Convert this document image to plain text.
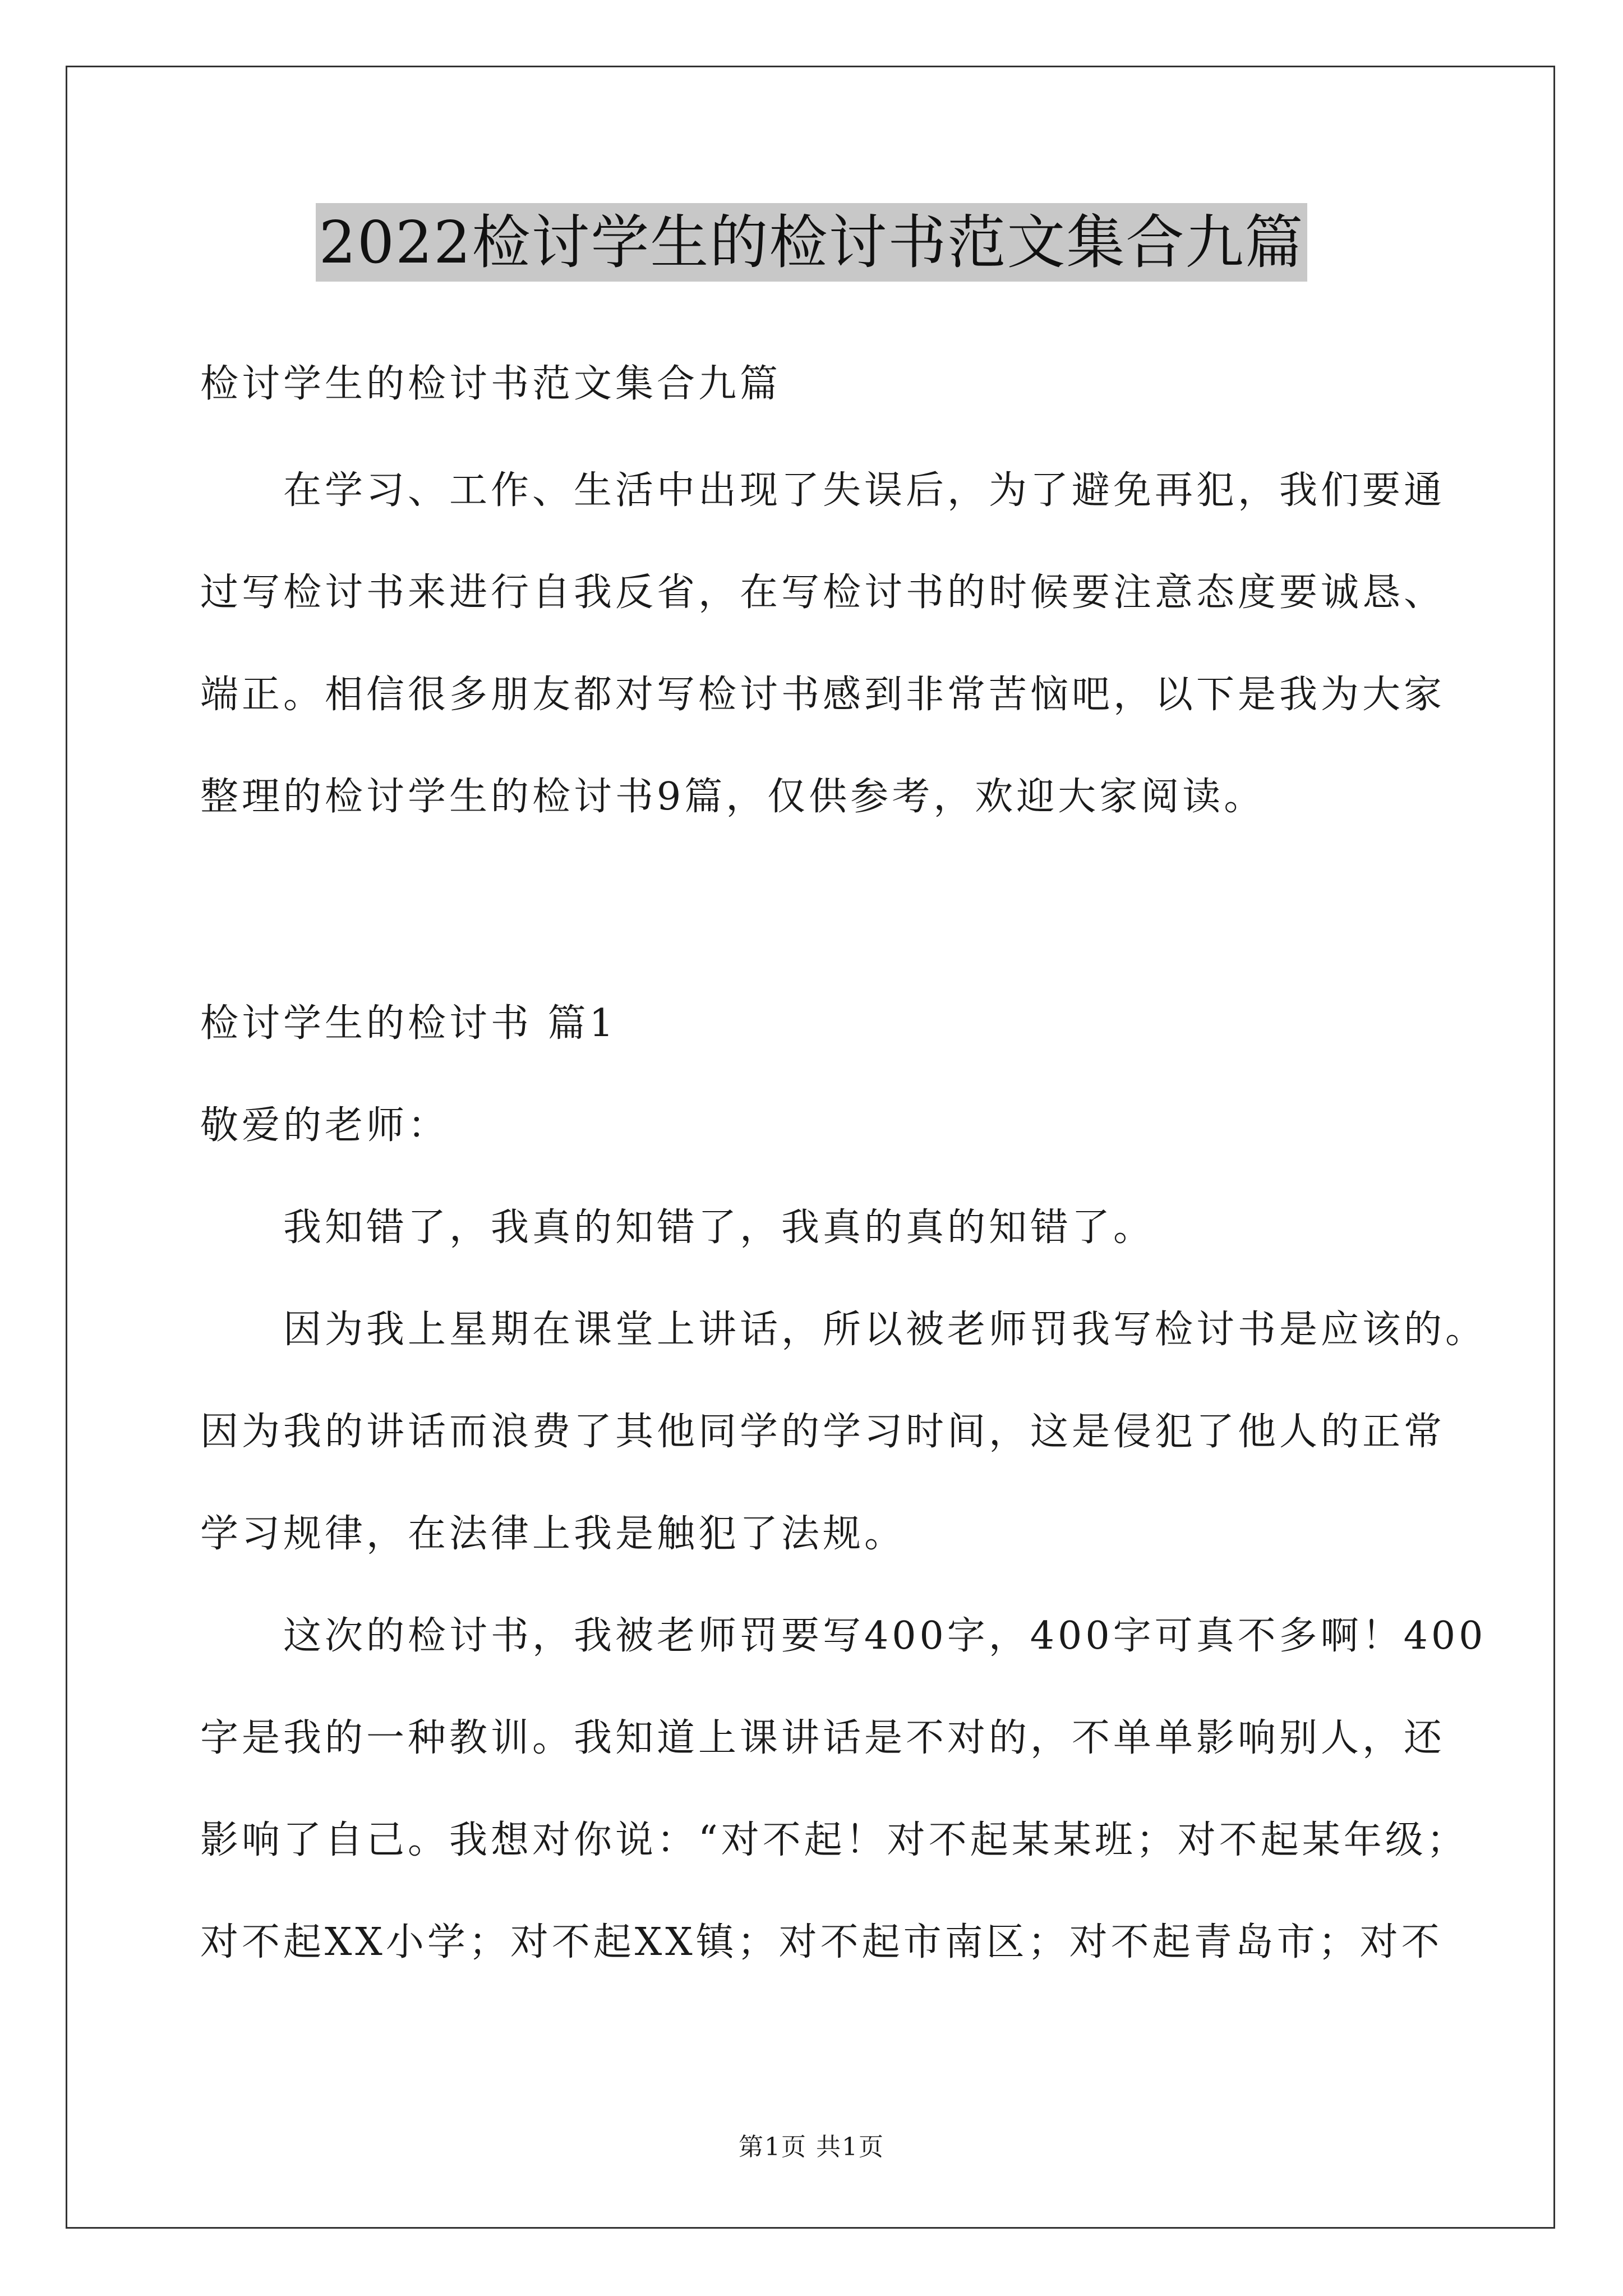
2022检讨学生的检讨书范文集合九篇
检讨学生的检讨书范文集合九篇
在学习、工作、生活中出现了失误后，为了避免再犯，我们要通
过写检讨书来进行自我反省，在写检讨书的时候要注意态度要诚恳、
端正。相信很多朋友都对写检讨书感到非常苦恼吧，以下是我为大家
整理的检讨学生的检讨书9篇，仅供参考，欢迎大家阅读。
检讨学生的检讨书 篇1
敬爱的老师：
我知错了，我真的知错了，我真的真的知错了。
因为我上星期在课堂上讲话，所以被老师罚我写检讨书是应该的。
因为我的讲话而浪费了其他同学的学习时间，这是侵犯了他人的正常
学习规律，在法律上我是触犯了法规。
这次的检讨书，我被老师罚要写400字，400字可真不多啊！400
字是我的一种教训。我知道上课讲话是不对的，不单单影响别人，还
影响了自己。我想对你说：“对不起！对不起某某班；对不起某年级；
对不起XX小学；对不起XX镇；对不起市南区；对不起青岛市；对不
第1页 共1页
